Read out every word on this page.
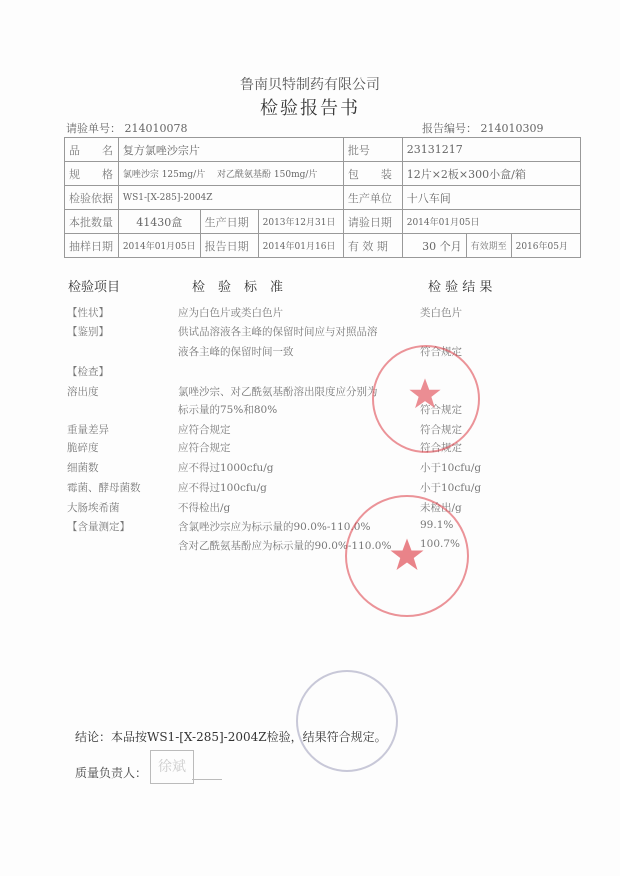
鲁南贝特制药有限公司
检验报告书
请验单号： 214010078	报告编号： 214010309
品　　名	复方氯唑沙宗片			批号	23131217		
规　　格	氯唑沙宗 125mg/片　 对乙酰氨基酚 150mg/片			包　　装	12片×2板×300小盒/箱		
检验依据	WS1-[X-285]-2004Z			生产单位	十八车间		
本批数量	41430盒	生产日期	2013年12月31日	请验日期	2014年01月05日		
抽样日期	2014年01月05日	报告日期	2014年01月16日	有 效 期	30 个月	有效期至	2016年05月
检验项目	检　验　标　准	检 验 结 果
【性状】	应为白色片或类白色片	类白色片
【鉴别】	供试品溶液各主峰的保留时间应与对照品溶
液各主峰的保留时间一致	符合规定
【检查】
溶出度	氯唑沙宗、对乙酰氨基酚溶出限度应分别为
标示量的75%和80%	符合规定
重量差异	应符合规定	符合规定
脆碎度	应符合规定	符合规定
细菌数	应不得过1000cfu/g	小于10cfu/g
霉菌、酵母菌数	应不得过100cfu/g	小于10cfu/g
大肠埃希菌	不得检出/g	未检出/g
【含量测定】	含氯唑沙宗应为标示量的90.0%-110.0%	99.1%
含对乙酰氨基酚应为标示量的90.0%-110.0%	100.7%
结论：本品按WS1-[X-285]-2004Z检验，结果符合规定。
质量负责人： 徐斌
